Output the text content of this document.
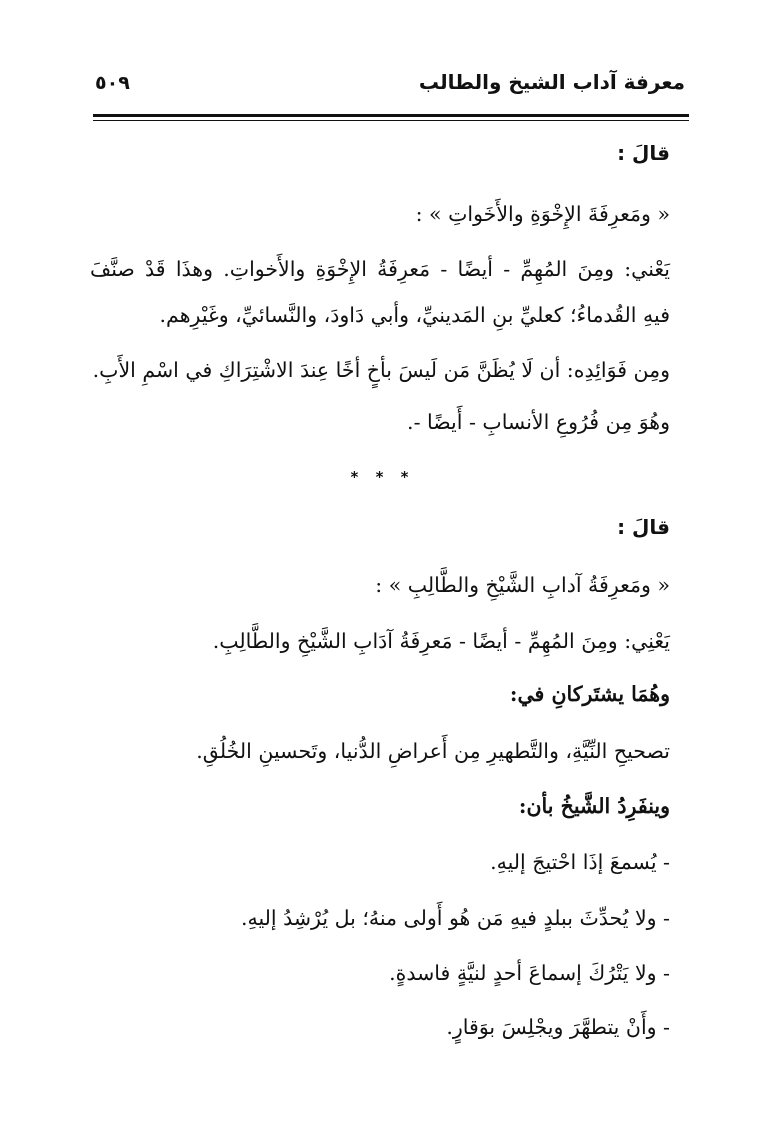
معرفة آداب الشيخ والطالب
٥٠٩
قالَ :
« ومَعرِفَةَ الإِخْوَةِ والأَخَواتِ » :
يَعْني: ومِنَ المُهِمِّ - أيضًا - مَعرِفَةُ الإِخْوَةِ والأَخواتِ. وهذَا قَدْ صنَّفَ
فيهِ القُدماءُ؛ كعليِّ بنِ المَدينيِّ، وأبي دَاودَ، والنَّسائيِّ، وغَيْرِهم.
ومِن فَوَائِدِه: أن لَا يُظَنَّ مَن لَيسَ بأخٍ أخًا عِندَ الاشْتِرَاكِ في اسْمِ الأَبِ.
وهُوَ مِن فُرُوعِ الأنسابِ - أَيضًا -.
* * *
قالَ :
« ومَعرِفَةُ آدابِ الشَّيْخِ والطَّالِبِ » :
يَعْنِي: ومِنَ المُهِمِّ - أيضًا - مَعرِفَةُ آدَابِ الشَّيْخِ والطَّالِبِ.
وهُمَا يشتَركانِ في:
تصحيحِ النِّيَّةِ، والتَّطهيرِ مِن أَعراضِ الدُّنيا، وتَحسينِ الخُلُقِ.
وينفَرِدُ الشَّيخُ بأن:
- يُسمعَ إذَا احْتيجَ إليهِ.
- ولا يُحدِّثَ ببلدٍ فيهِ مَن هُو أَولى منهُ؛ بل يُرْشِدُ إليهِ.
- ولا يَتْرُكَ إسماعَ أحدٍ لنيَّةٍ فاسدةٍ.
- وأَنْ يتطهَّرَ ويجْلِسَ بوَقارٍ.
